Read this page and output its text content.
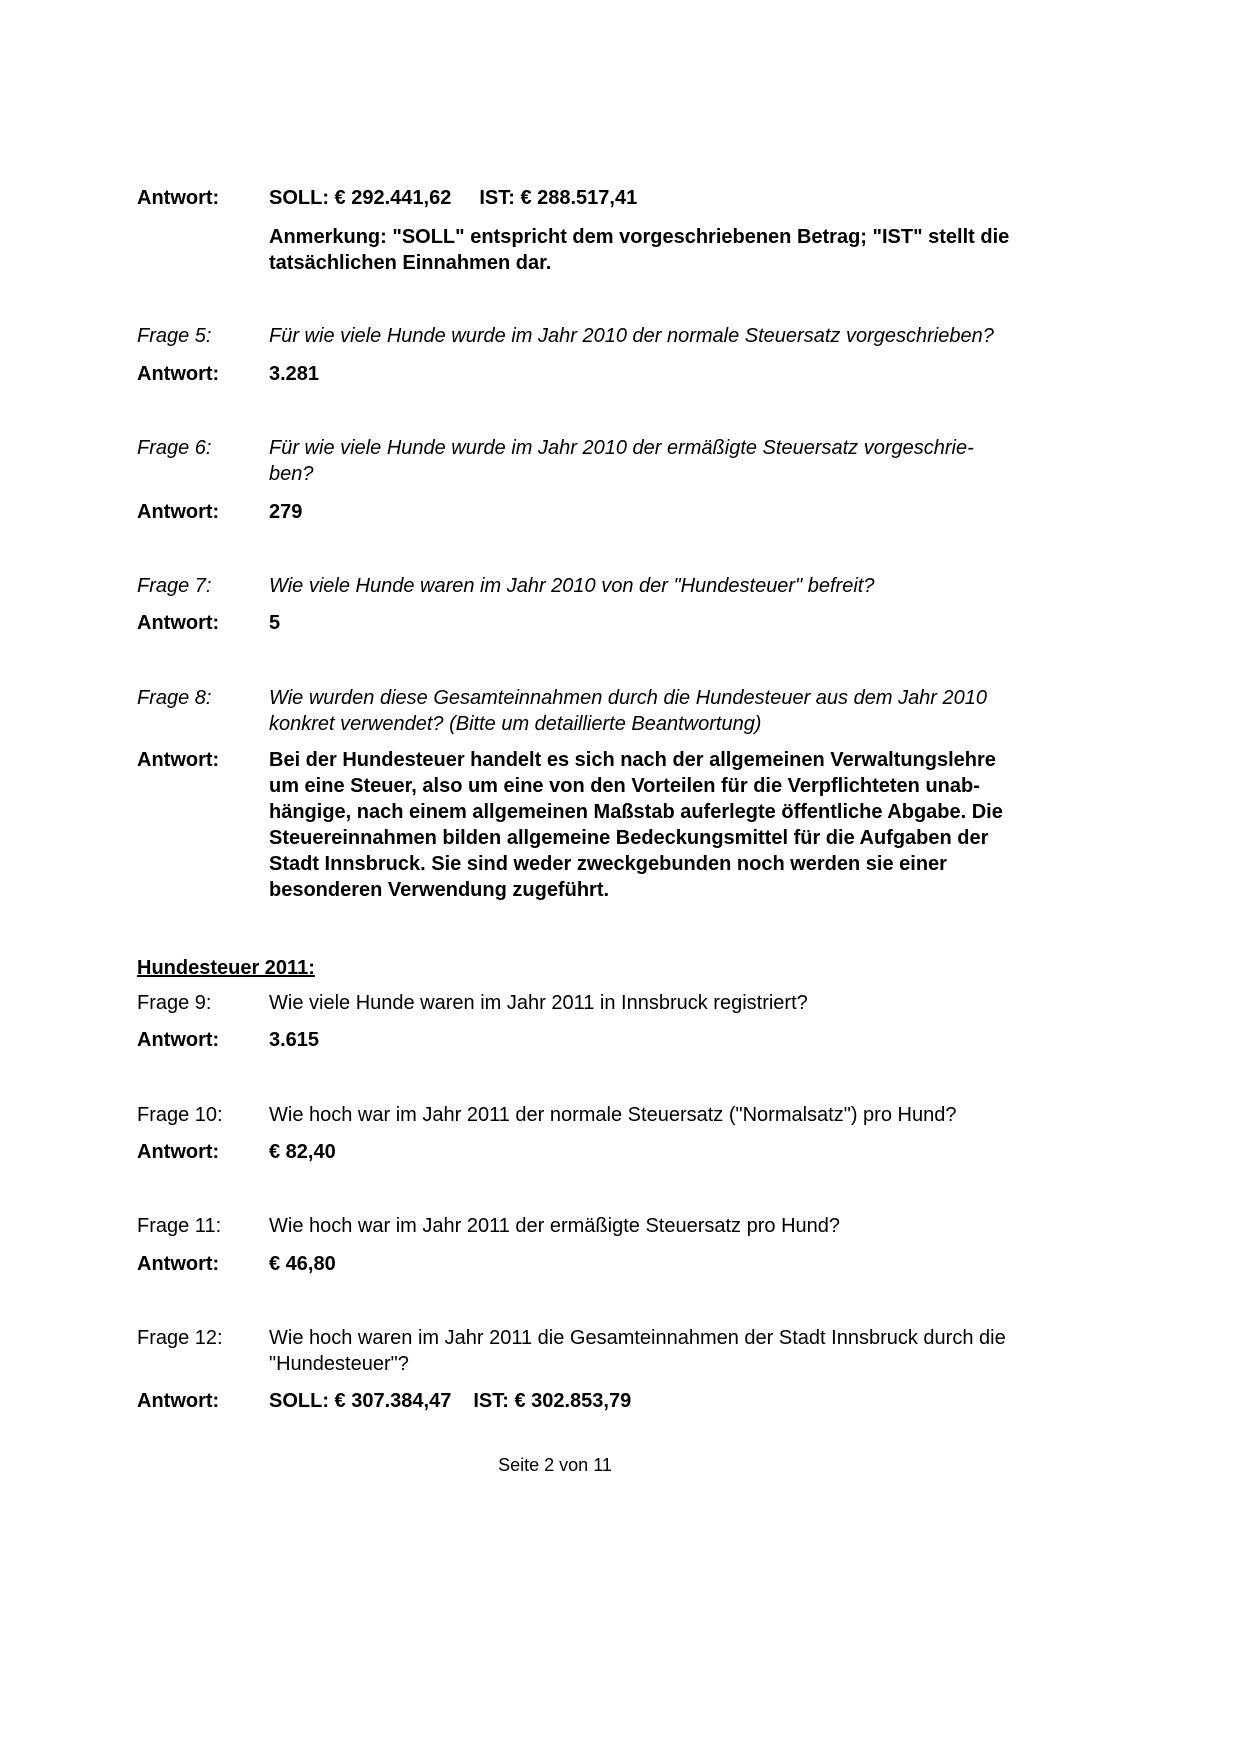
Antwort:	SOLL: € 292.441,62 IST: € 288.517,41
Anmerkung: "SOLL" entspricht dem vorgeschriebenen Betrag; "IST" stellt die tatsächlichen Einnahmen dar.
Frage 5:	Für wie viele Hunde wurde im Jahr 2010 der normale Steuersatz vorgeschrieben?
Antwort:	3.281
Frage 6:	Für wie viele Hunde wurde im Jahr 2010 der ermäßigte Steuersatz vorgeschrie-ben?
Antwort:	279
Frage 7:	Wie viele Hunde waren im Jahr 2010 von der "Hundesteuer" befreit?
Antwort:	5
Frage 8:	Wie wurden diese Gesamteinnahmen durch die Hundesteuer aus dem Jahr 2010 konkret verwendet? (Bitte um detaillierte Beantwortung)
Antwort:	Bei der Hundesteuer handelt es sich nach der allgemeinen Verwaltungslehre um eine Steuer, also um eine von den Vorteilen für die Verpflichteten unab-hängige, nach einem allgemeinen Maßstab auferlegte öffentliche Abgabe. Die Steuereinnahmen bilden allgemeine Bedeckungsmittel für die Aufgaben der Stadt Innsbruck. Sie sind weder zweckgebunden noch werden sie einer besonderen Verwendung zugeführt.
Hundesteuer 2011:
Frage 9:	Wie viele Hunde waren im Jahr 2011 in Innsbruck registriert?
Antwort:	3.615
Frage 10:	Wie hoch war im Jahr 2011 der normale Steuersatz ("Normalsatz") pro Hund?
Antwort:	€ 82,40
Frage 11:	Wie hoch war im Jahr 2011 der ermäßigte Steuersatz pro Hund?
Antwort:	€ 46,80
Frage 12:	Wie hoch waren im Jahr 2011 die Gesamteinnahmen der Stadt Innsbruck durch die "Hundesteuer"?
Antwort:	SOLL: € 307.384,47 IST: € 302.853,79
Seite 2 von 11
